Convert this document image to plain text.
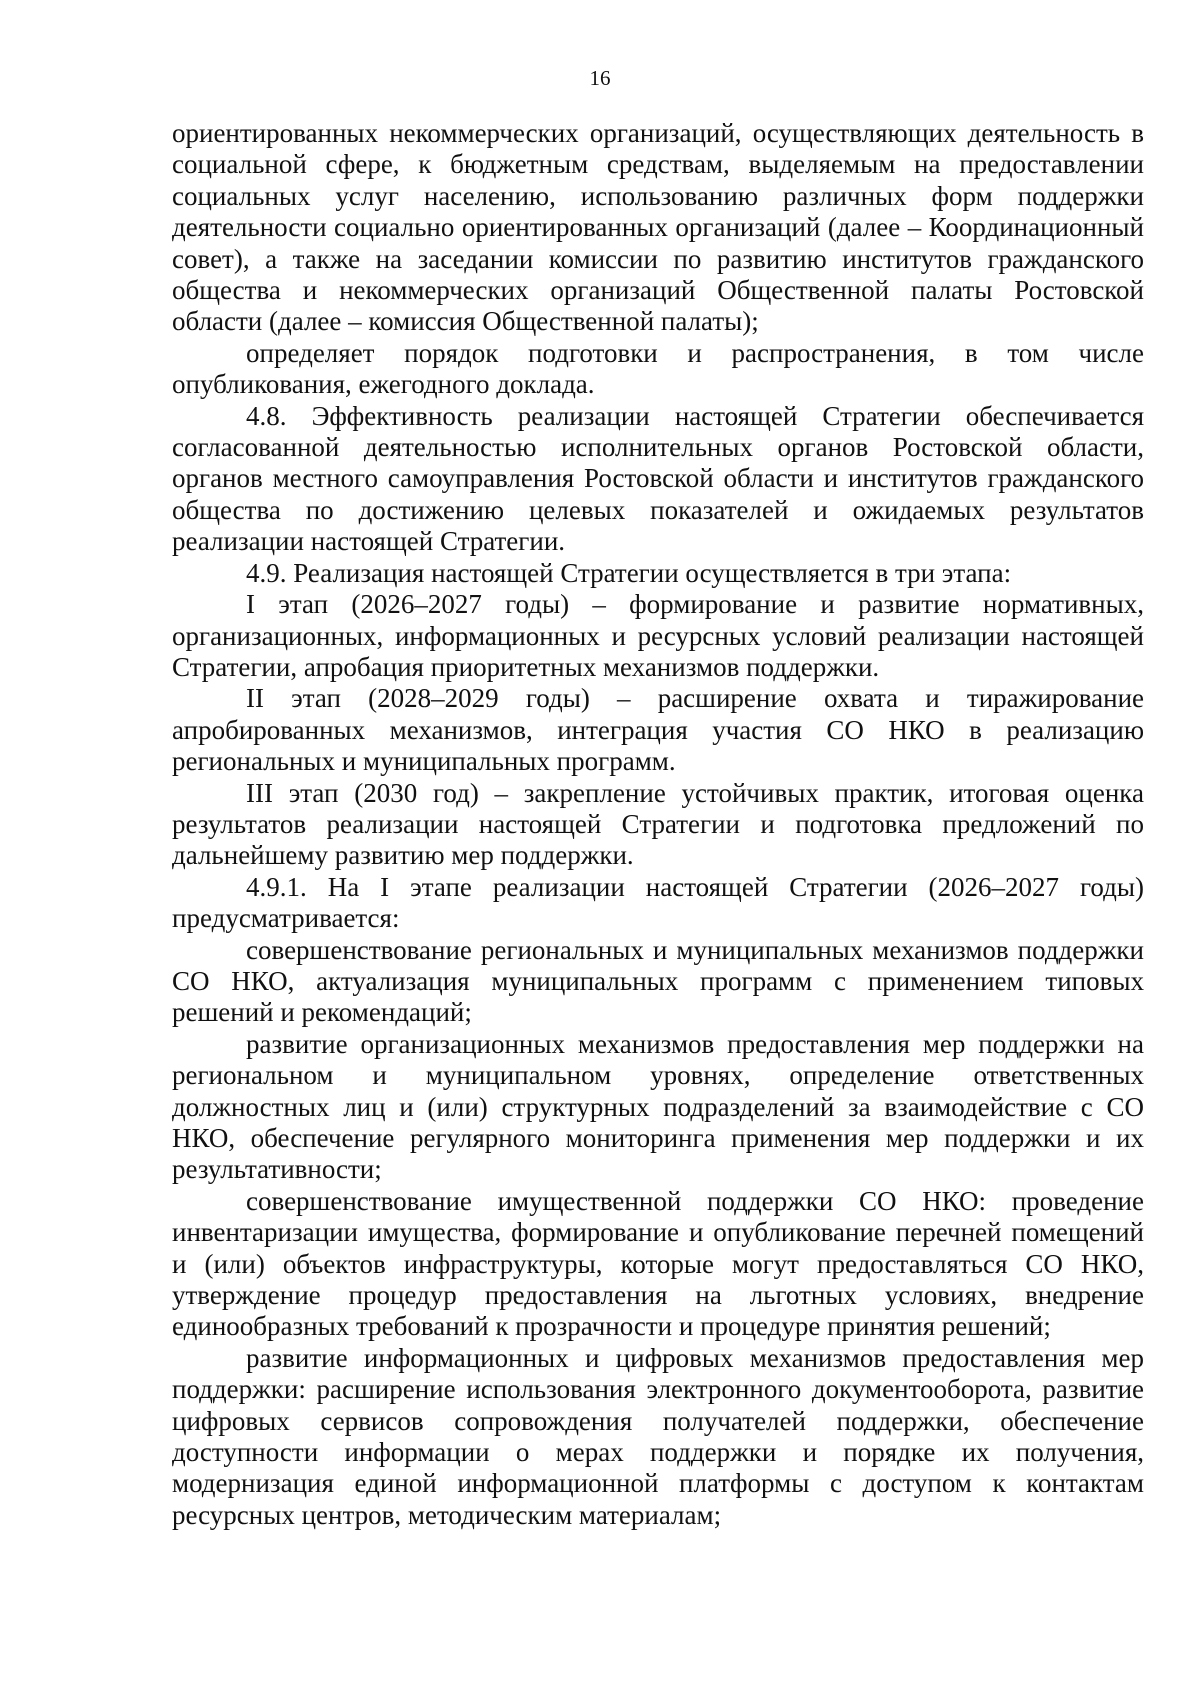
16

ориентированных некоммерческих организаций, осуществляющих деятельность в социальной сфере, к бюджетным средствам, выделяемым на предоставлении социальных услуг населению, использованию различных форм поддержки деятельности социально ориентированных организаций (далее – Координационный совет), а также на заседании комиссии по развитию институтов гражданского общества и некоммерческих организаций Общественной палаты Ростовской области (далее – комиссия Общественной палаты);

определяет порядок подготовки и распространения, в том числе опубликования, ежегодного доклада.

4.8. Эффективность реализации настоящей Стратегии обеспечивается согласованной деятельностью исполнительных органов Ростовской области, органов местного самоуправления Ростовской области и институтов гражданского общества по достижению целевых показателей и ожидаемых результатов реализации настоящей Стратегии.

4.9. Реализация настоящей Стратегии осуществляется в три этапа:

I этап (2026–2027 годы) – формирование и развитие нормативных, организационных, информационных и ресурсных условий реализации настоящей Стратегии, апробация приоритетных механизмов поддержки.

II этап (2028–2029 годы) – расширение охвата и тиражирование апробированных механизмов, интеграция участия СО НКО в реализацию региональных и муниципальных программ.

III этап (2030 год) – закрепление устойчивых практик, итоговая оценка результатов реализации настоящей Стратегии и подготовка предложений по дальнейшему развитию мер поддержки.

4.9.1. На I этапе реализации настоящей Стратегии (2026–2027 годы) предусматривается:

совершенствование региональных и муниципальных механизмов поддержки СО НКО, актуализация муниципальных программ с применением типовых решений и рекомендаций;

развитие организационных механизмов предоставления мер поддержки на региональном и муниципальном уровнях, определение ответственных должностных лиц и (или) структурных подразделений за взаимодействие с СО НКО, обеспечение регулярного мониторинга применения мер поддержки и их результативности;

совершенствование имущественной поддержки СО НКО: проведение инвентаризации имущества, формирование и опубликование перечней помещений и (или) объектов инфраструктуры, которые могут предоставляться СО НКО, утверждение процедур предоставления на льготных условиях, внедрение единообразных требований к прозрачности и процедуре принятия решений;

развитие информационных и цифровых механизмов предоставления мер поддержки: расширение использования электронного документооборота, развитие цифровых сервисов сопровождения получателей поддержки, обеспечение доступности информации о мерах поддержки и порядке их получения, модернизация единой информационной платформы с доступом к контактам ресурсных центров, методическим материалам;
